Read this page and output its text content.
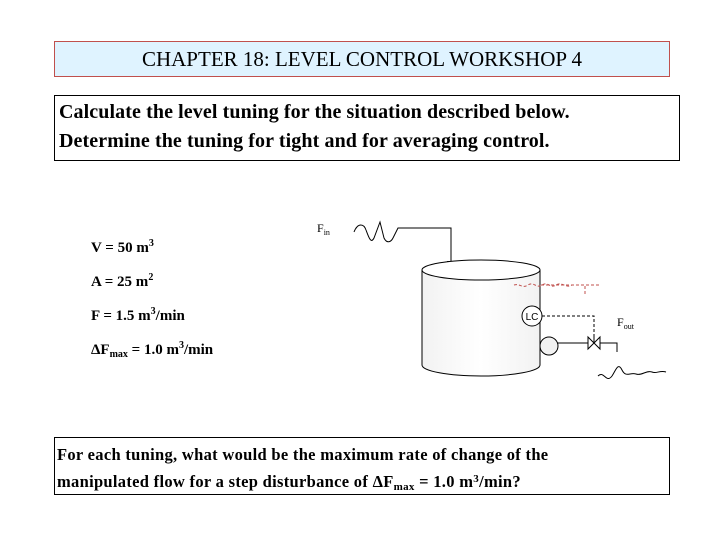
CHAPTER 18: LEVEL CONTROL WORKSHOP 4
Calculate the level tuning for the situation described below.
Determine the tuning for tight and for averaging control.
V = 50 $m^3$
A = 25 $m^2$
F = 1.5 $m^3/\min$
$\Delta F_{max} = 1.0$ $m^3/\min$
LC
$F_{in}$
$F_{out}$
For each tuning, what would be the maximum rate of change of the
manipulated flow for a step disturbance of $\Delta F_{max} = 1.0$ $m^3/\min$?
